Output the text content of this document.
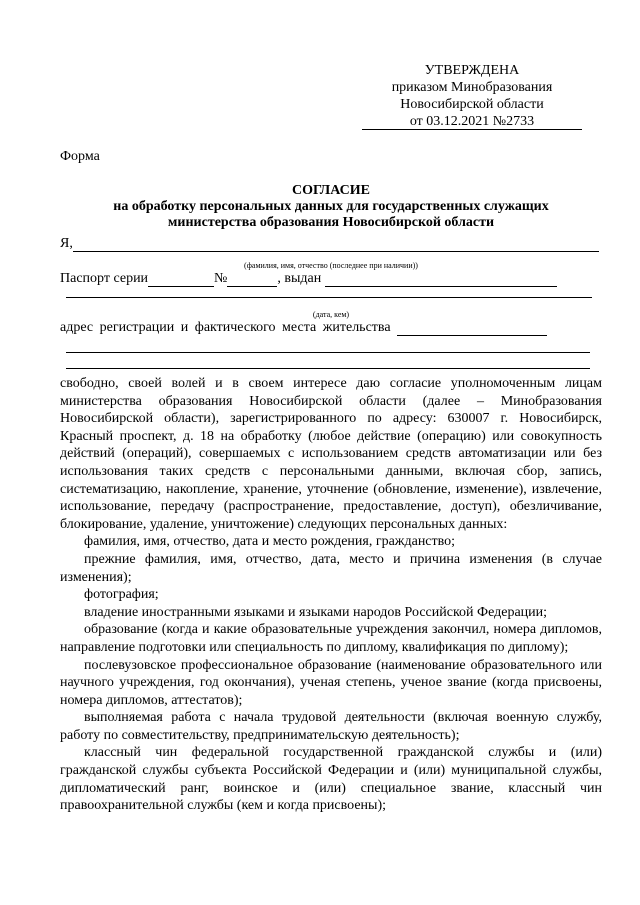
УТВЕРЖДЕНА
приказом Минобразования
Новосибирской области
от 03.12.2021 №2733
Форма
СОГЛАСИЕ
на обработку персональных данных для государственных служащих
министерства образования Новосибирской области
Я,
(фамилия, имя, отчество (последнее при наличии))
Паспорт серии	№	, выдан
(дата, кем)
адрес регистрации и фактического места жительства

свободно, своей волей и в своем интересе даю согласие уполномоченным лицам министерства образования Новосибирской области (далее – Минобразования Новосибирской области), зарегистрированного по адресу: 630007 г. Новосибирск, Красный проспект, д. 18 на обработку (любое действие (операцию) или совокупность действий (операций), совершаемых с использованием средств автоматизации или без использования таких средств с персональными данными, включая сбор, запись, систематизацию, накопление, хранение, уточнение (обновление, изменение), извлечение, использование, передачу (распространение, предоставление, доступ), обезличивание, блокирование, удаление, уничтожение) следующих персональных данных:

фамилия, имя, отчество, дата и место рождения, гражданство;

прежние фамилия, имя, отчество, дата, место и причина изменения (в случае изменения);

фотография;

владение иностранными языками и языками народов Российской Федерации;

образование (когда и какие образовательные учреждения закончил, номера дипломов, направление подготовки или специальность по диплому, квалификация по диплому);

послевузовское профессиональное образование (наименование образовательного или научного учреждения, год окончания), ученая степень, ученое звание (когда присвоены, номера дипломов, аттестатов);

выполняемая работа с начала трудовой деятельности (включая военную службу, работу по совместительству, предпринимательскую деятельность);

классный чин федеральной государственной гражданской службы и (или) гражданской службы субъекта Российской Федерации и (или) муниципальной службы, дипломатический ранг, воинское и (или) специальное звание, классный чин правоохранительной службы (кем и когда присвоены);
